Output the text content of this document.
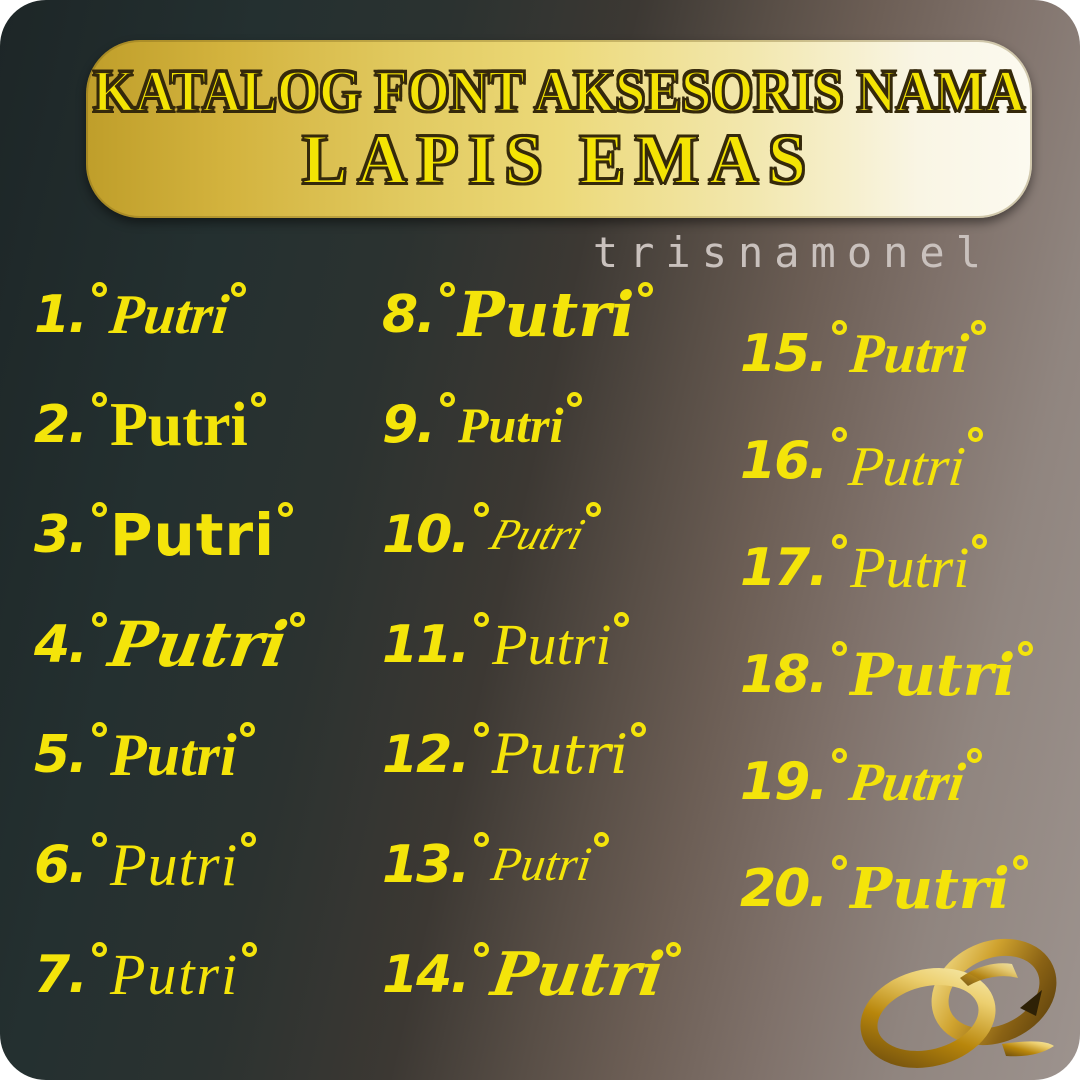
KATALOG FONT AKSESORIS NAMA
LAPIS EMAS
trisnamonel
1. Putri
2. Putri
3. Putri
4. Putri
5. Putri
6. Putri
7. Putri
8. Putri
9. Putri
10. Putri
11. Putri
12. Putri
13. Putri
14. Putri
15. Putri
16. Putri
17. Putri
18. Putri
19. Putri
20. Putri
